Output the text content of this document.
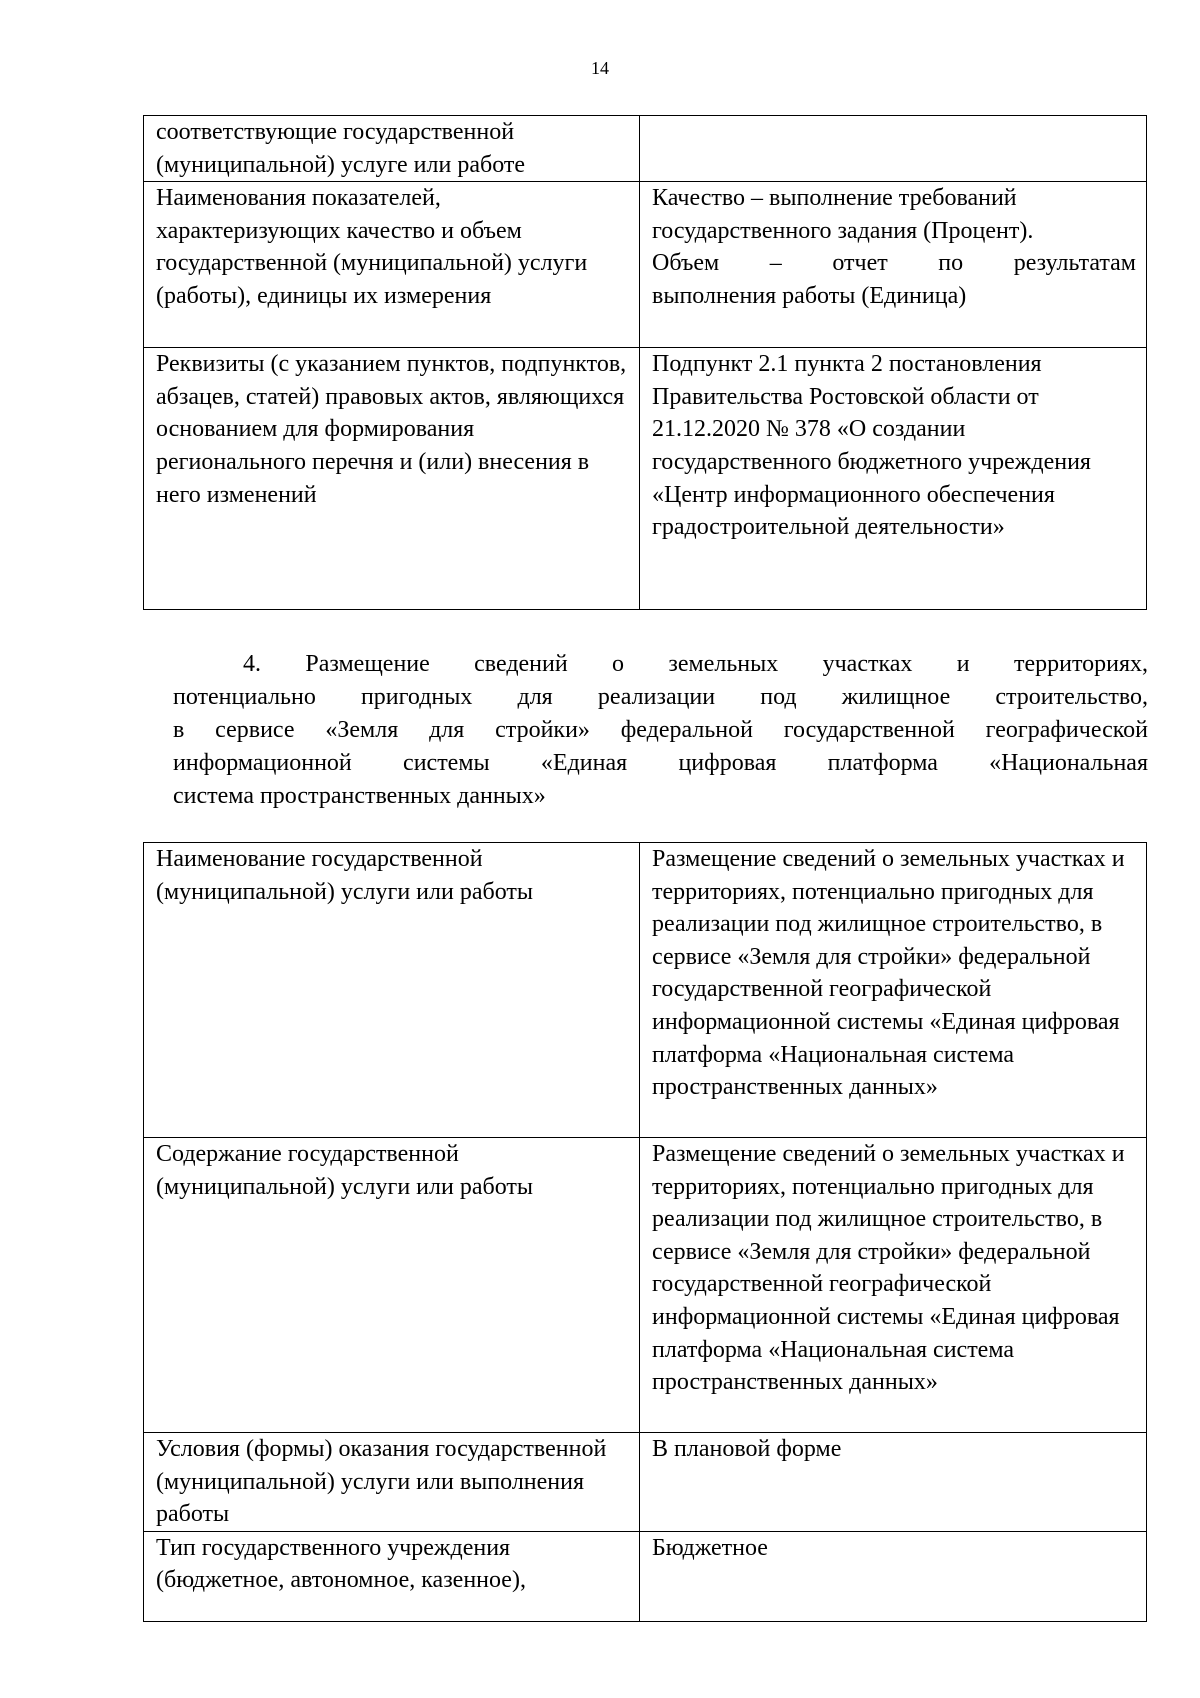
14
соответствующие государственной (муниципальной) услуге или работе	
Наименования показателей, характеризующих качество и объем государственной (муниципальной) услуги (работы), единицы их измерения	Качество – выполнение требований
государственного задания (Процент).
Объем – отчет по результатам
выполнения работы (Единица)

Реквизиты (с указанием пунктов, подпунктов, абзацев, статей) правовых актов, являющихся основанием для формирования регионального перечня и (или) внесения в него изменений	Подпункт 2.1 пункта 2 постановления Правительства Ростовской области от 21.12.2020 № 378 «О создании государственного бюджетного учреждения «Центр информационного обеспечения градостроительной деятельности»
4. Размещение сведений о земельных участках и территориях,
потенциально пригодных для реализации под жилищное строительство,
в сервисе «Земля для стройки» федеральной государственной географической
информационной системы «Единая цифровая платформа «Национальная
система пространственных данных»
Наименование государственной (муниципальной) услуги или работы	Размещение сведений о земельных участках и территориях, потенциально пригодных для реализации под жилищное строительство, в сервисе «Земля для стройки» федеральной государственной географической информационной системы «Единая цифровая платформа «Национальная система пространственных данных»
Содержание государственной (муниципальной) услуги или работы	Размещение сведений о земельных участках и территориях, потенциально пригодных для реализации под жилищное строительство, в сервисе «Земля для стройки» федеральной государственной географической информационной системы «Единая цифровая платформа «Национальная система пространственных данных»
Условия (формы) оказания государственной (муниципальной) услуги или выполнения работы	В плановой форме
Тип государственного учреждения (бюджетное, автономное, казенное),	Бюджетное
